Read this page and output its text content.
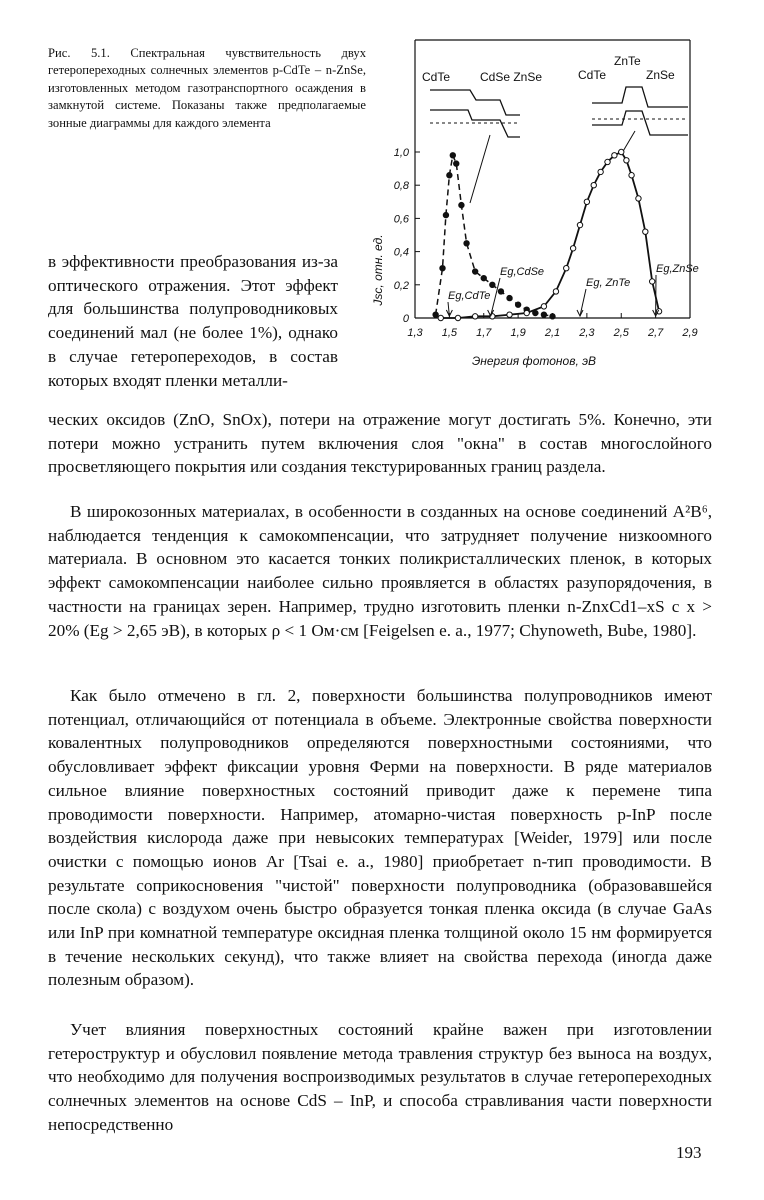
Рис. 5.1. Спектральная чувствительность двух гетеропереходных солнечных элементов p-CdTe – n-ZnSe, изготовленных методом газотранспортного осаждения в замкнутой системе. Показаны также предполагаемые зонные диаграммы для каждого элемента
1,3 1,5 1,7 1,9 2,1 2,3 2,5 2,7 2,9
0
0,2
0,4
0,6
0,8
1,0
CdTe CdSe ZnSe
ZnTe
CdTe	ZnSe
Eg,CdTe
Eg,CdSe
Eg, ZnTe
Eg,ZnSe
Энергия фотонов, эВ
Jsc, отн. ед.

в эффективности преобразования из-за оптического отражения. Этот эффект для большинства полупроводниковых соединений мал (не более 1%), однако в случае гетеропереходов, в состав которых входят пленки металли-

ческих оксидов (ZnO, SnOx), потери на отражение могут достигать 5%. Конечно, эти потери можно устранить путем включения слоя "окна" в состав многослойного просветляющего покрытия или создания текстурированных границ раздела.

В широкозонных материалах, в особенности в созданных на основе соединений A²B⁶, наблюдается тенденция к самокомпенсации, что затрудняет получение низкоомного материала. В основном это касается тонких поликристаллических пленок, в которых эффект самокомпенсации наиболее сильно проявляется в областях разупорядочения, в частности на границах зерен. Например, трудно изготовить пленки n-ZnxCd1–xS с x > 20% (Eg > 2,65 эВ), в которых ρ < 1 Ом·см [Feigelsen e. a., 1977; Chynoweth, Bube, 1980].

Как было отмечено в гл. 2, поверхности большинства полупроводников имеют потенциал, отличающийся от потенциала в объеме. Электронные свойства поверхности ковалентных полупроводников определяются поверхностными состояниями, что обусловливает эффект фиксации уровня Ферми на поверхности. В ряде материалов сильное влияние поверхностных состояний приводит даже к перемене типа проводимости поверхности. Например, атомарно-чистая поверхность p-InP после воздействия кислорода даже при невысоких температурах [Weider, 1979] или после очистки с помощью ионов Ar [Tsai e. a., 1980] приобретает n-тип проводимости. В результате соприкосновения "чистой" поверхности полупроводника (образовавшейся после скола) с воздухом очень быстро образуется тонкая пленка оксида (в случае GaAs или InP при комнатной температуре оксидная пленка толщиной около 15 нм формируется в течение нескольких секунд), что также влияет на свойства перехода (иногда даже полезным образом).

Учет влияния поверхностных состояний крайне важен при изготовлении гетероструктур и обусловил появление метода травления структур без выноса на воздух, что необходимо для получения воспроизводимых результатов в случае гетеропереходных солнечных элементов на основе CdS – InP, и способа стравливания части поверхности непосредственно

193
